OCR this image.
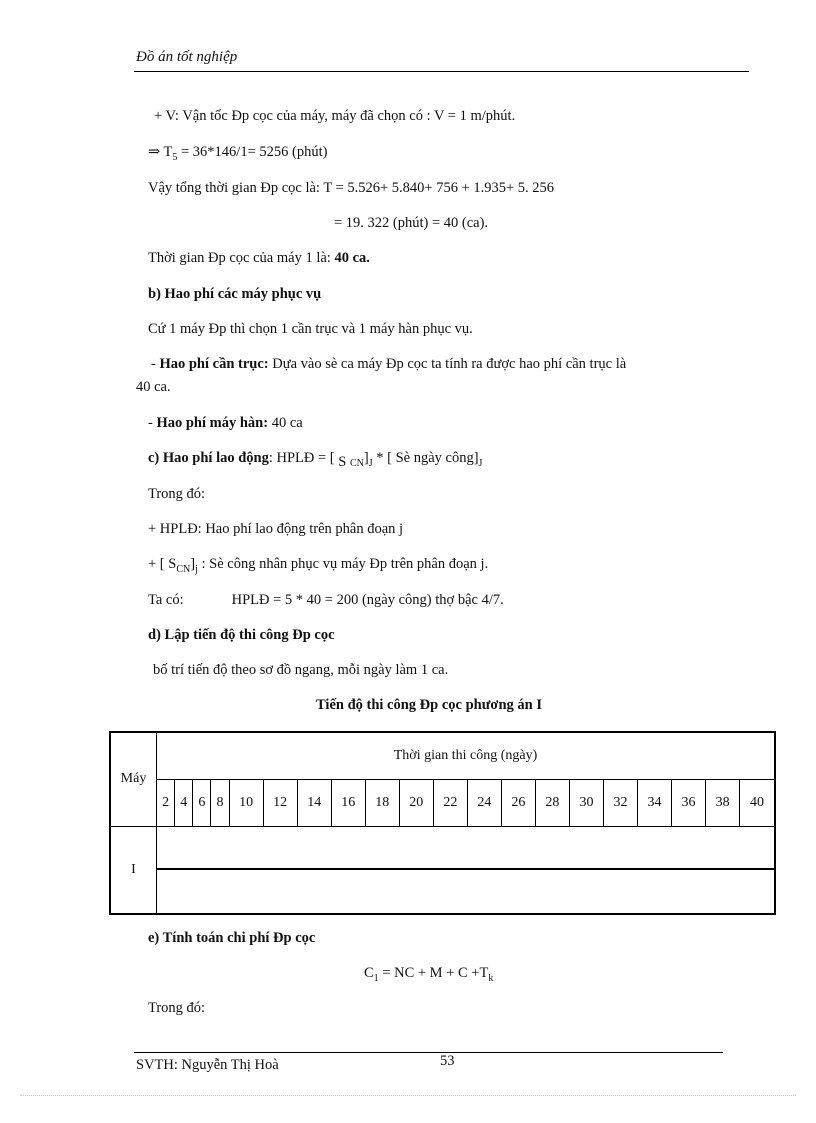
Đồ án tốt nghiệp
+ V: Vận tốc Đp cọc của máy, máy đã chọn có : V = 1 m/phút.
⇒ $T_5 = 36*146/1= 5256$ (phút)
Vậy tổng thời gian Đp cọc là: T = 5.526+ 5.840+ 756 + 1.935+ 5. 256
= 19. 322 (phút) = 40 (ca).
Thời gian Đp cọc của máy 1 là: 40 ca.
b) Hao phí các máy phục vụ
Cứ 1 máy Đp thì chọn 1 cần trục và 1 máy hàn phục vụ.
- Hao phí cần trục: Dựa vào sè ca máy Đp cọc ta tính ra được hao phí cần trục là
40 ca.
- Hao phí máy hàn: 40 ca
c) Hao phí lao động: HPLĐ = [ S $_{CN}]_J$ * [ Sè ngày $công]_J$
Trong đó:
+ HPLĐ: Hao phí lao động trên phân đoạn j
+ [ $S_{CN}]_j$ : Sè công nhân phục vụ máy Đp trên phân đoạn j.
Ta có:	HPLĐ = 5 * 40 = 200 (ngày công) thợ bậc 4/7.
d) Lập tiến độ thi công Đp cọc
bố trí tiến độ theo sơ đồ ngang, mỗi ngày làm 1 ca.
Tiến độ thi công Đp cọc phương án I
Máy	Thời gian thi công (ngày)																			
	2	4	6	8	10	12	14	16	18	20	22	24	26	28	30	32	34	36	38	40
I																				

e) Tính toán chi phí Đp cọc
$C_1$ = NC + $M + C +T_k$
Trong đó:
53
SVTH: Nguyễn Thị Hoà
